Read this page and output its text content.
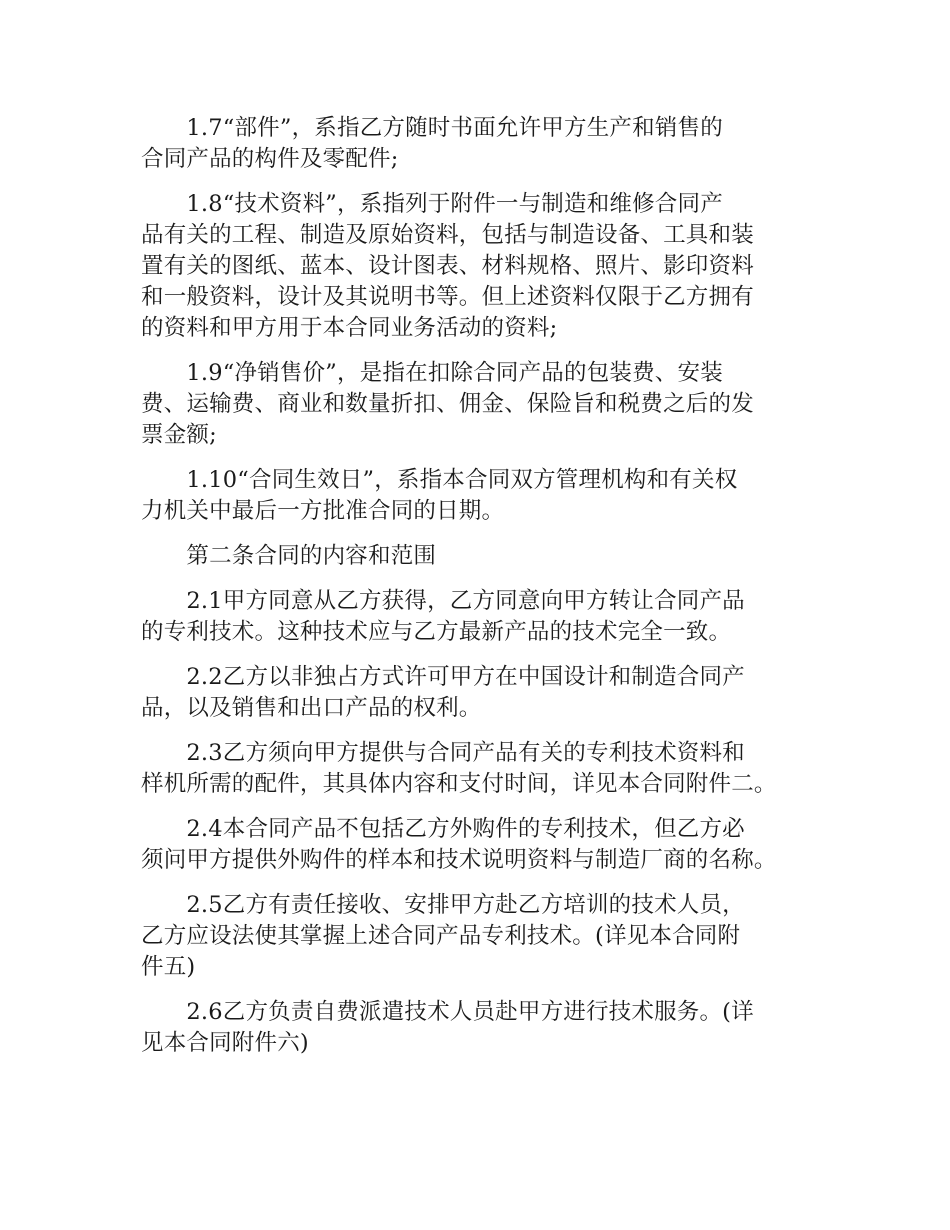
　　1.7“部件”，系指乙方随时书面允许甲方生产和销售的
合同产品的构件及零配件;

　　1.8“技术资料”，系指列于附件一与制造和维修合同产
品有关的工程、制造及原始资料，包括与制造设备、工具和装
置有关的图纸、蓝本、设计图表、材料规格、照片、影印资料
和一般资料，设计及其说明书等。但上述资料仅限于乙方拥有
的资料和甲方用于本合同业务活动的资料;

　　1.9“净销售价”，是指在扣除合同产品的包装费、安装
费、运输费、商业和数量折扣、佣金、保险旨和税费之后的发
票金额;

　　1.10“合同生效日”，系指本合同双方管理机构和有关权
力机关中最后一方批准合同的日期。

　　第二条合同的内容和范围

　　2.1甲方同意从乙方获得，乙方同意向甲方转让合同产品
的专利技术。这种技术应与乙方最新产品的技术完全一致。

　　2.2乙方以非独占方式许可甲方在中国设计和制造合同产
品，以及销售和出口产品的权利。

　　2.3乙方须向甲方提供与合同产品有关的专利技术资料和
样机所需的配件，其具体内容和支付时间，详见本合同附件二。

　　2.4本合同产品不包括乙方外购件的专利技术，但乙方必
须问甲方提供外购件的样本和技术说明资料与制造厂商的名称。

　　2.5乙方有责任接收、安排甲方赴乙方培训的技术人员，
乙方应设法使其掌握上述合同产品专利技术。(详见本合同附
件五)

　　2.6乙方负责自费派遣技术人员赴甲方进行技术服务。(详
见本合同附件六)
